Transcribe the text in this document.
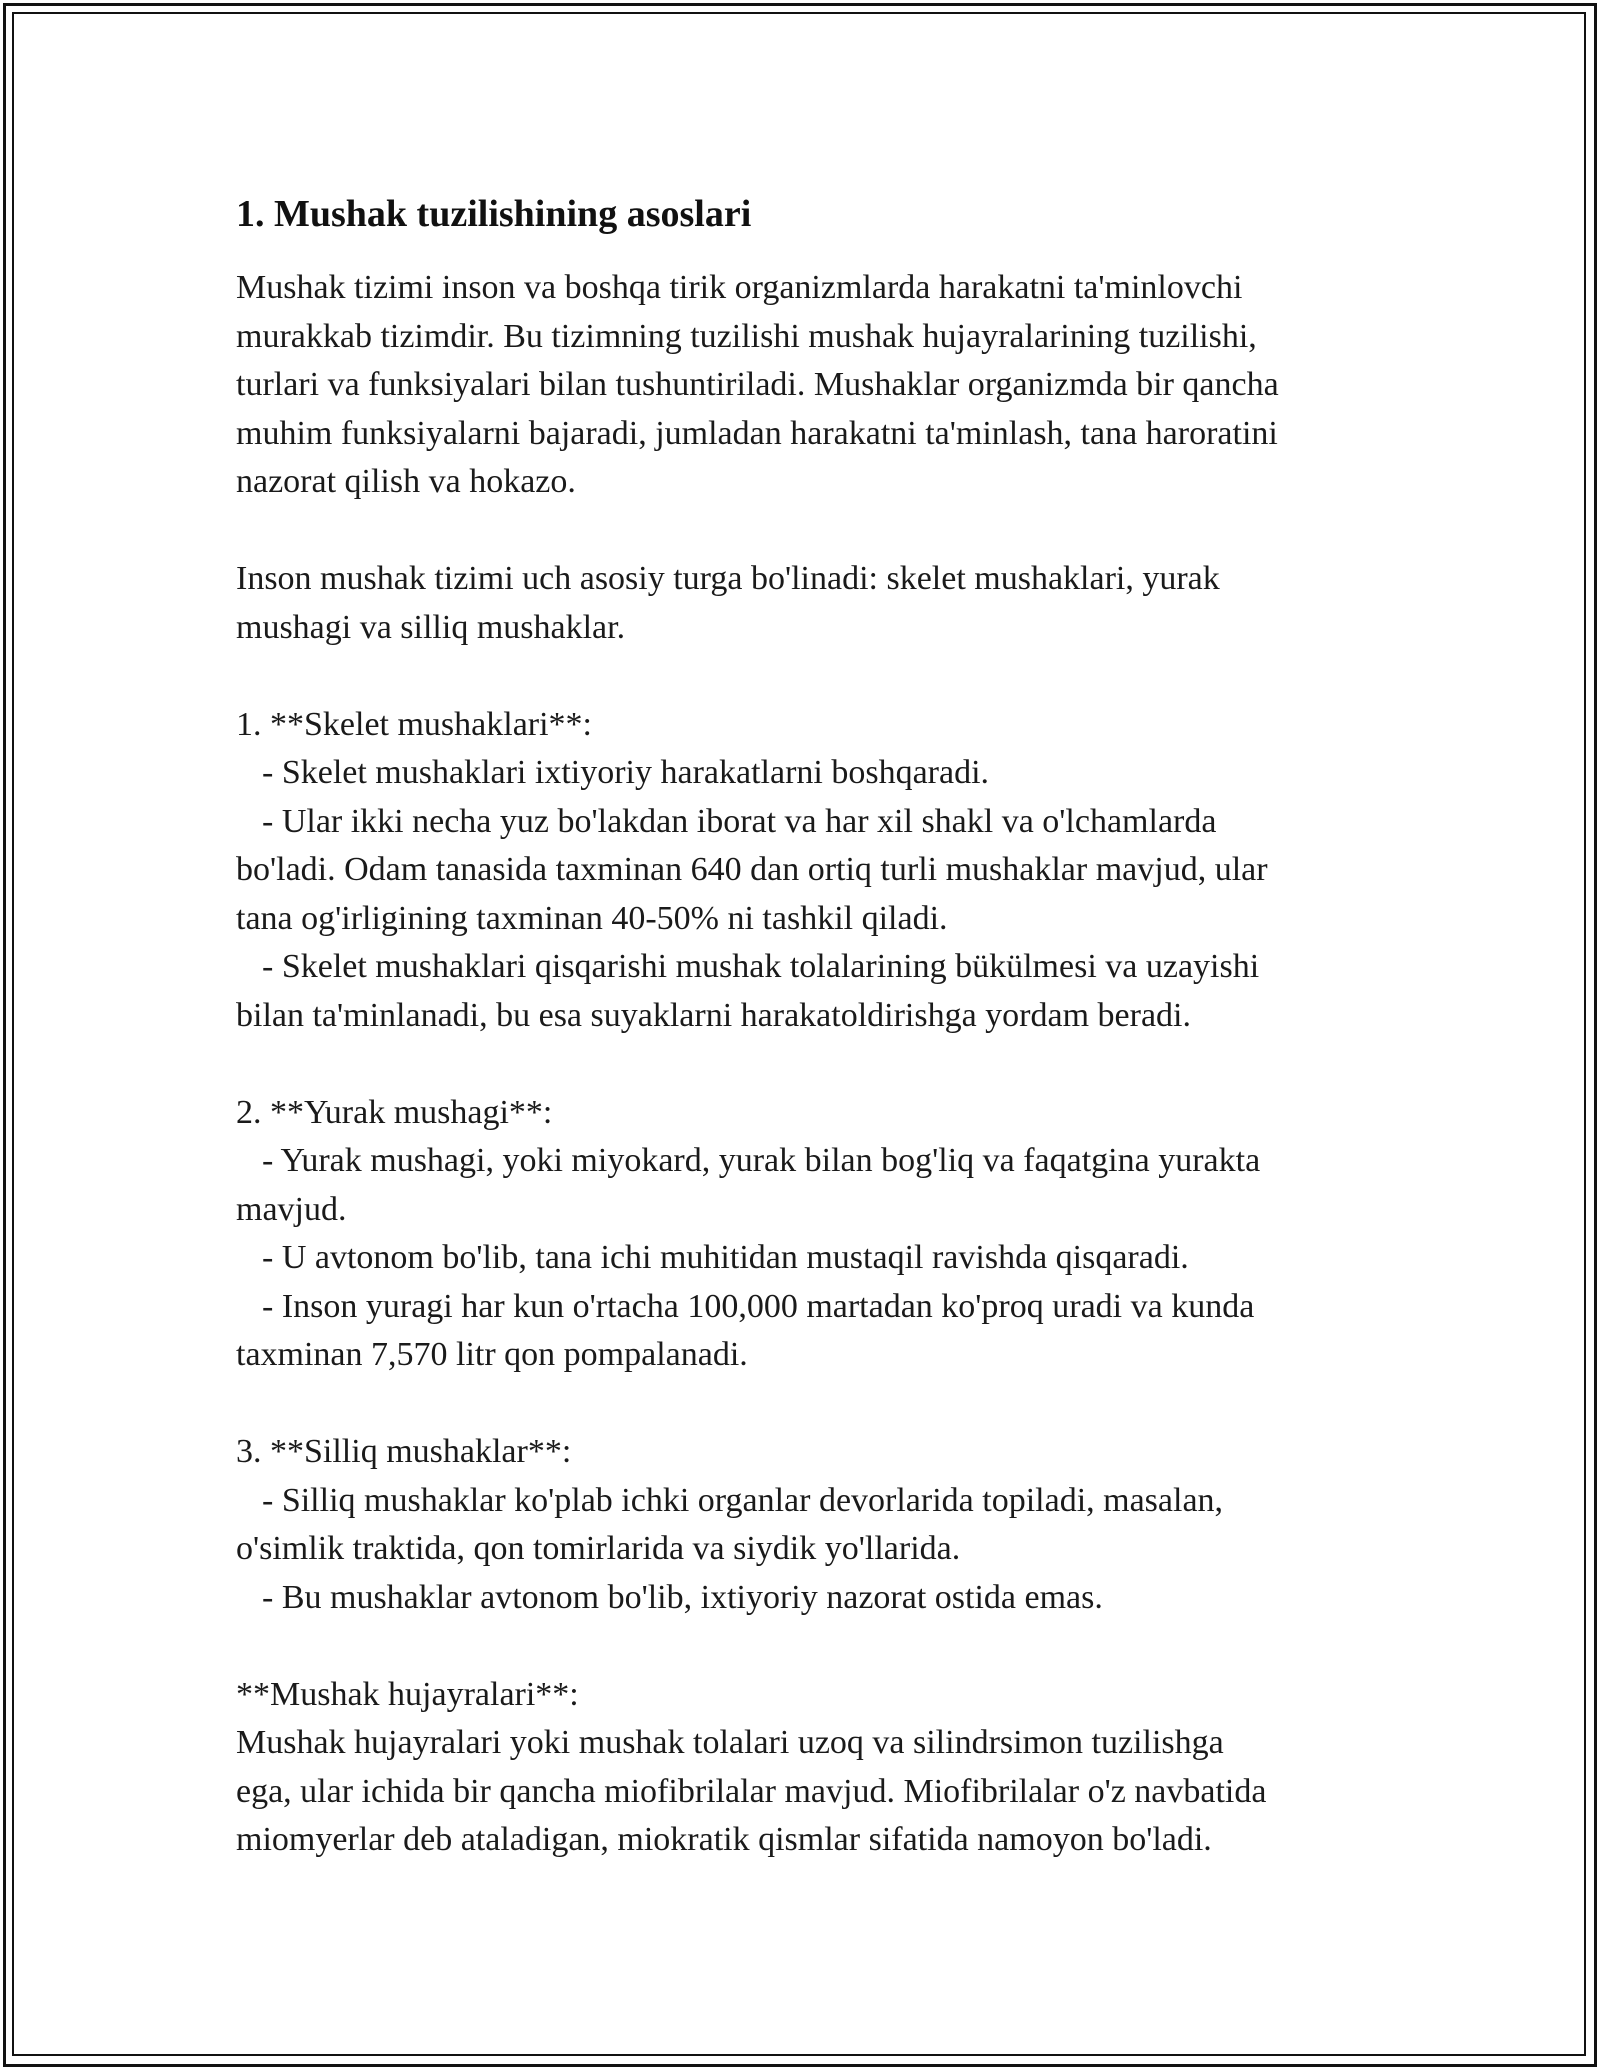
1. Mushak tuzilishining asoslari
Mushak tizimi inson va boshqa tirik organizmlarda harakatni ta'minlovchi
murakkab tizimdir. Bu tizimning tuzilishi mushak hujayralarining tuzilishi,
turlari va funksiyalari bilan tushuntiriladi. Mushaklar organizmda bir qancha
muhim funksiyalarni bajaradi, jumladan harakatni ta'minlash, tana haroratini
nazorat qilish va hokazo.
Inson mushak tizimi uch asosiy turga bo'linadi: skelet mushaklari, yurak
mushagi va silliq mushaklar.
1. **Skelet mushaklari**:
- Skelet mushaklari ixtiyoriy harakatlarni boshqaradi.
- Ular ikki necha yuz bo'lakdan iborat va har xil shakl va o'lchamlarda
bo'ladi. Odam tanasida taxminan 640 dan ortiq turli mushaklar mavjud, ular
tana og'irligining taxminan 40-50% ni tashkil qiladi.
- Skelet mushaklari qisqarishi mushak tolalarining bükülmesi va uzayishi
bilan ta'minlanadi, bu esa suyaklarni harakatoldirishga yordam beradi.
2. **Yurak mushagi**:
- Yurak mushagi, yoki miyokard, yurak bilan bog'liq va faqatgina yurakta
mavjud.
- U avtonom bo'lib, tana ichi muhitidan mustaqil ravishda qisqaradi.
- Inson yuragi har kun o'rtacha 100,000 martadan ko'proq uradi va kunda
taxminan 7,570 litr qon pompalanadi.
3. **Silliq mushaklar**:
- Silliq mushaklar ko'plab ichki organlar devorlarida topiladi, masalan,
o'simlik traktida, qon tomirlarida va siydik yo'llarida.
- Bu mushaklar avtonom bo'lib, ixtiyoriy nazorat ostida emas.
**Mushak hujayralari**:
Mushak hujayralari yoki mushak tolalari uzoq va silindrsimon tuzilishga
ega, ular ichida bir qancha miofibrilalar mavjud. Miofibrilalar o'z navbatida
miomyerlar deb ataladigan, miokratik qismlar sifatida namoyon bo'ladi.
